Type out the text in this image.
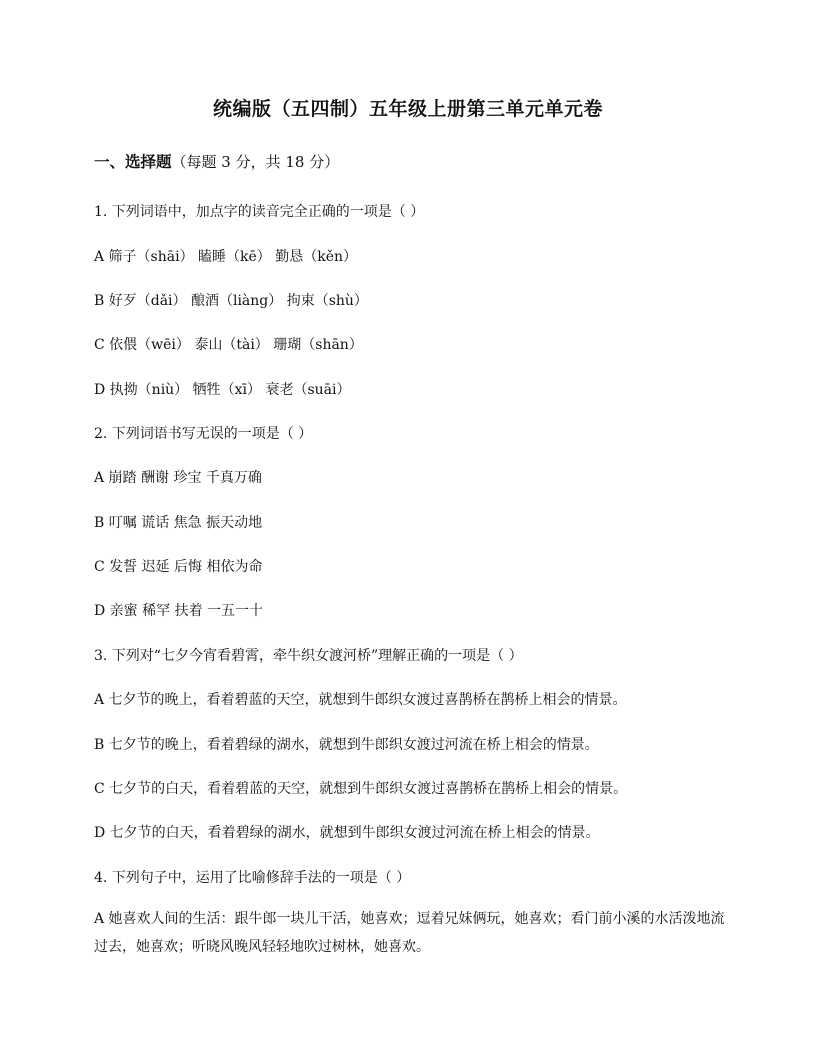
统编版（五四制）五年级上册第三单元单元卷
一、选择题（每题 3 分，共 18 分）
1. 下列词语中，加点字的读音完全正确的一项是（ ）
A 筛子（shāi） 瞌睡（kē） 勤恳（kěn）
B 好歹（dǎi） 酿酒（liàng） 拘束（shù）
C 依偎（wēi） 泰山（tài） 珊瑚（shān）
D 执拗（niù） 牺牲（xī） 衰老（suāi）
2. 下列词语书写无误的一项是（ ）
A 崩踏 酬谢 珍宝 千真万确
B 叮嘱 谎话 焦急 振天动地
C 发誓 迟延 后悔 相依为命
D 亲蜜 稀罕 扶着 一五一十
3. 下列对“七夕今宵看碧霄，牵牛织女渡河桥”理解正确的一项是（ ）
A 七夕节的晚上，看着碧蓝的天空，就想到牛郎织女渡过喜鹊桥在鹊桥上相会的情景。
B 七夕节的晚上，看着碧绿的湖水，就想到牛郎织女渡过河流在桥上相会的情景。
C 七夕节的白天，看着碧蓝的天空，就想到牛郎织女渡过喜鹊桥在鹊桥上相会的情景。
D 七夕节的白天，看着碧绿的湖水，就想到牛郎织女渡过河流在桥上相会的情景。
4. 下列句子中，运用了比喻修辞手法的一项是（ ）
A 她喜欢人间的生活：跟牛郎一块儿干活，她喜欢；逗着兄妹俩玩，她喜欢；看门前小溪的水活泼地流过去，她喜欢；听晓风晚风轻轻地吹过树林，她喜欢。
